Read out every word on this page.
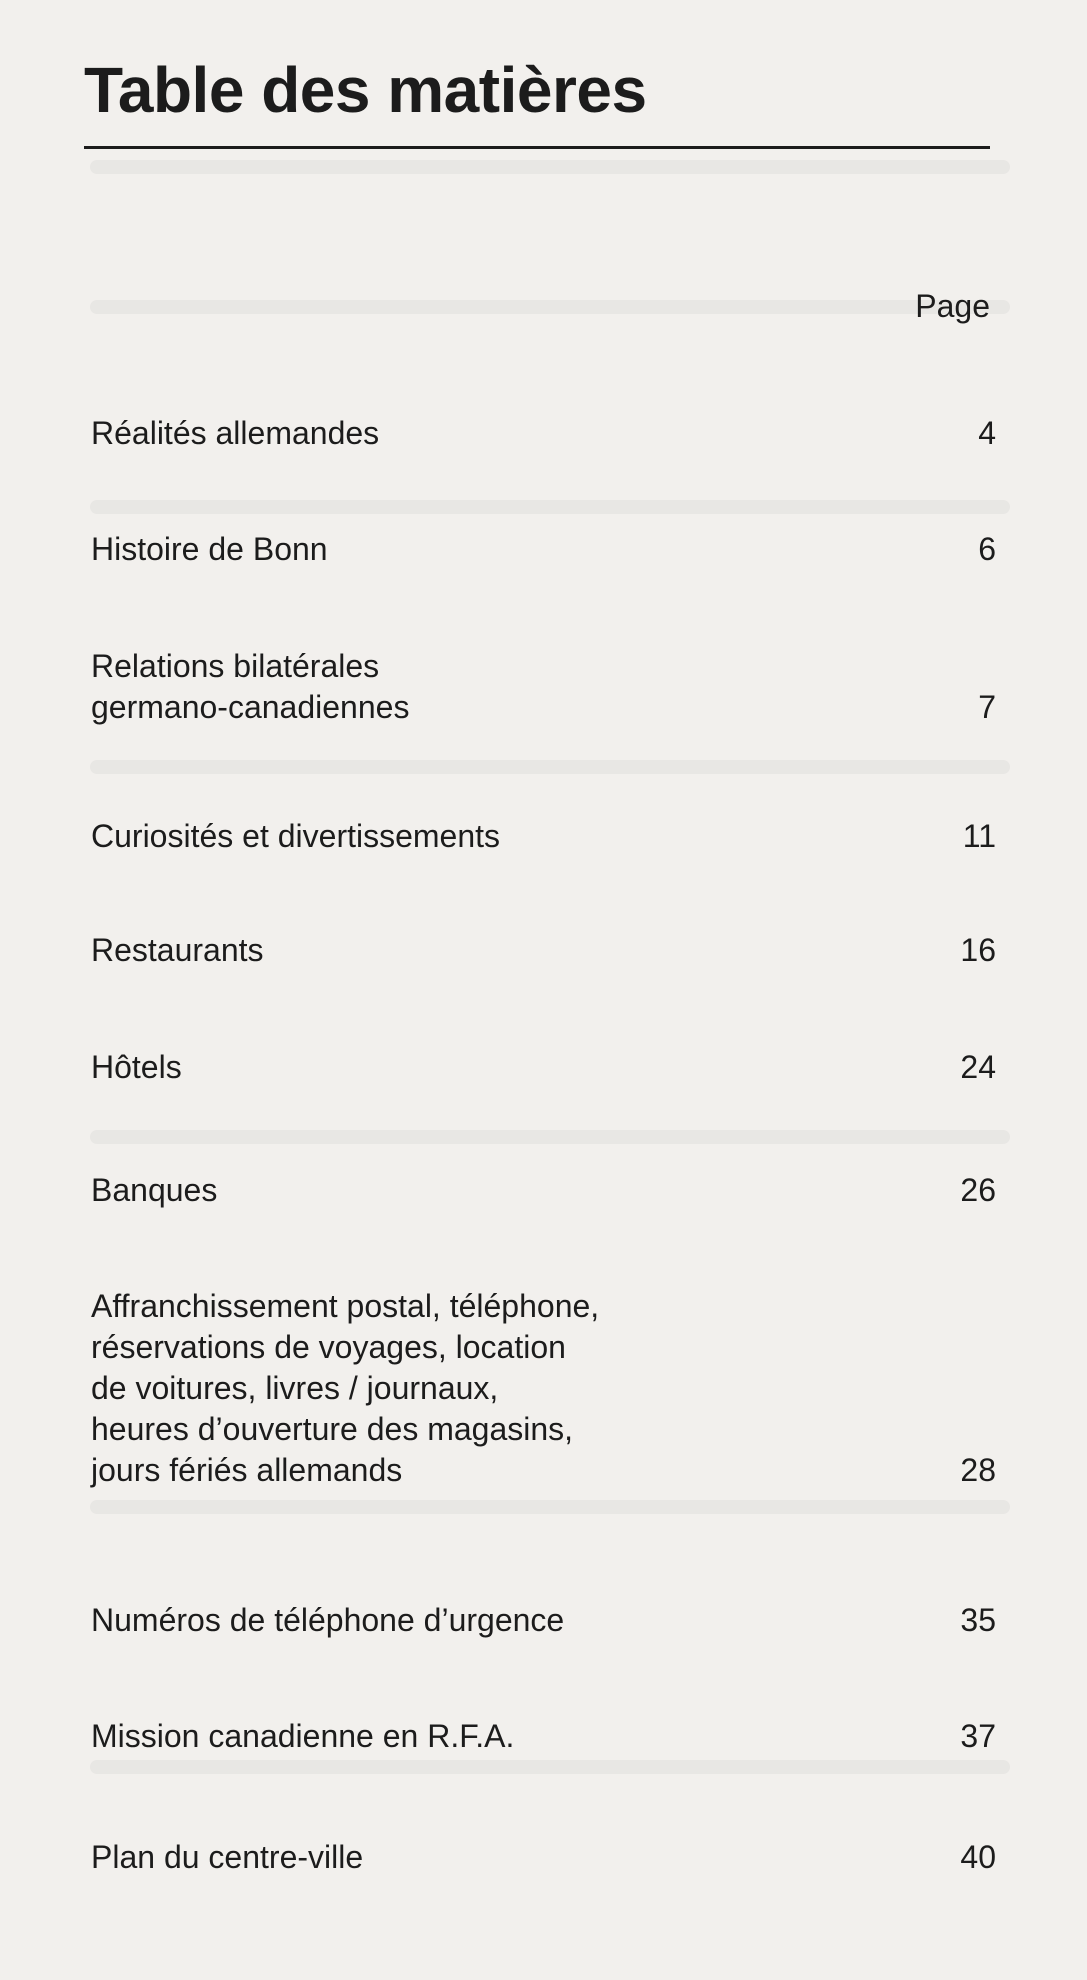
Table des matières
Page
Réalités allemandes	4
Histoire de Bonn	6
Relations bilatérales
germano-canadiennes	7
Curiosités et divertissements	11
Restaurants	16
Hôtels	24
Banques	26
Affranchissement postal, téléphone,
réservations de voyages, location
de voitures, livres / journaux,
heures d’ouverture des magasins,
jours fériés allemands	28
Numéros de téléphone d’urgence	35
Mission canadienne en R.F.A.	37
Plan du centre-ville	40
